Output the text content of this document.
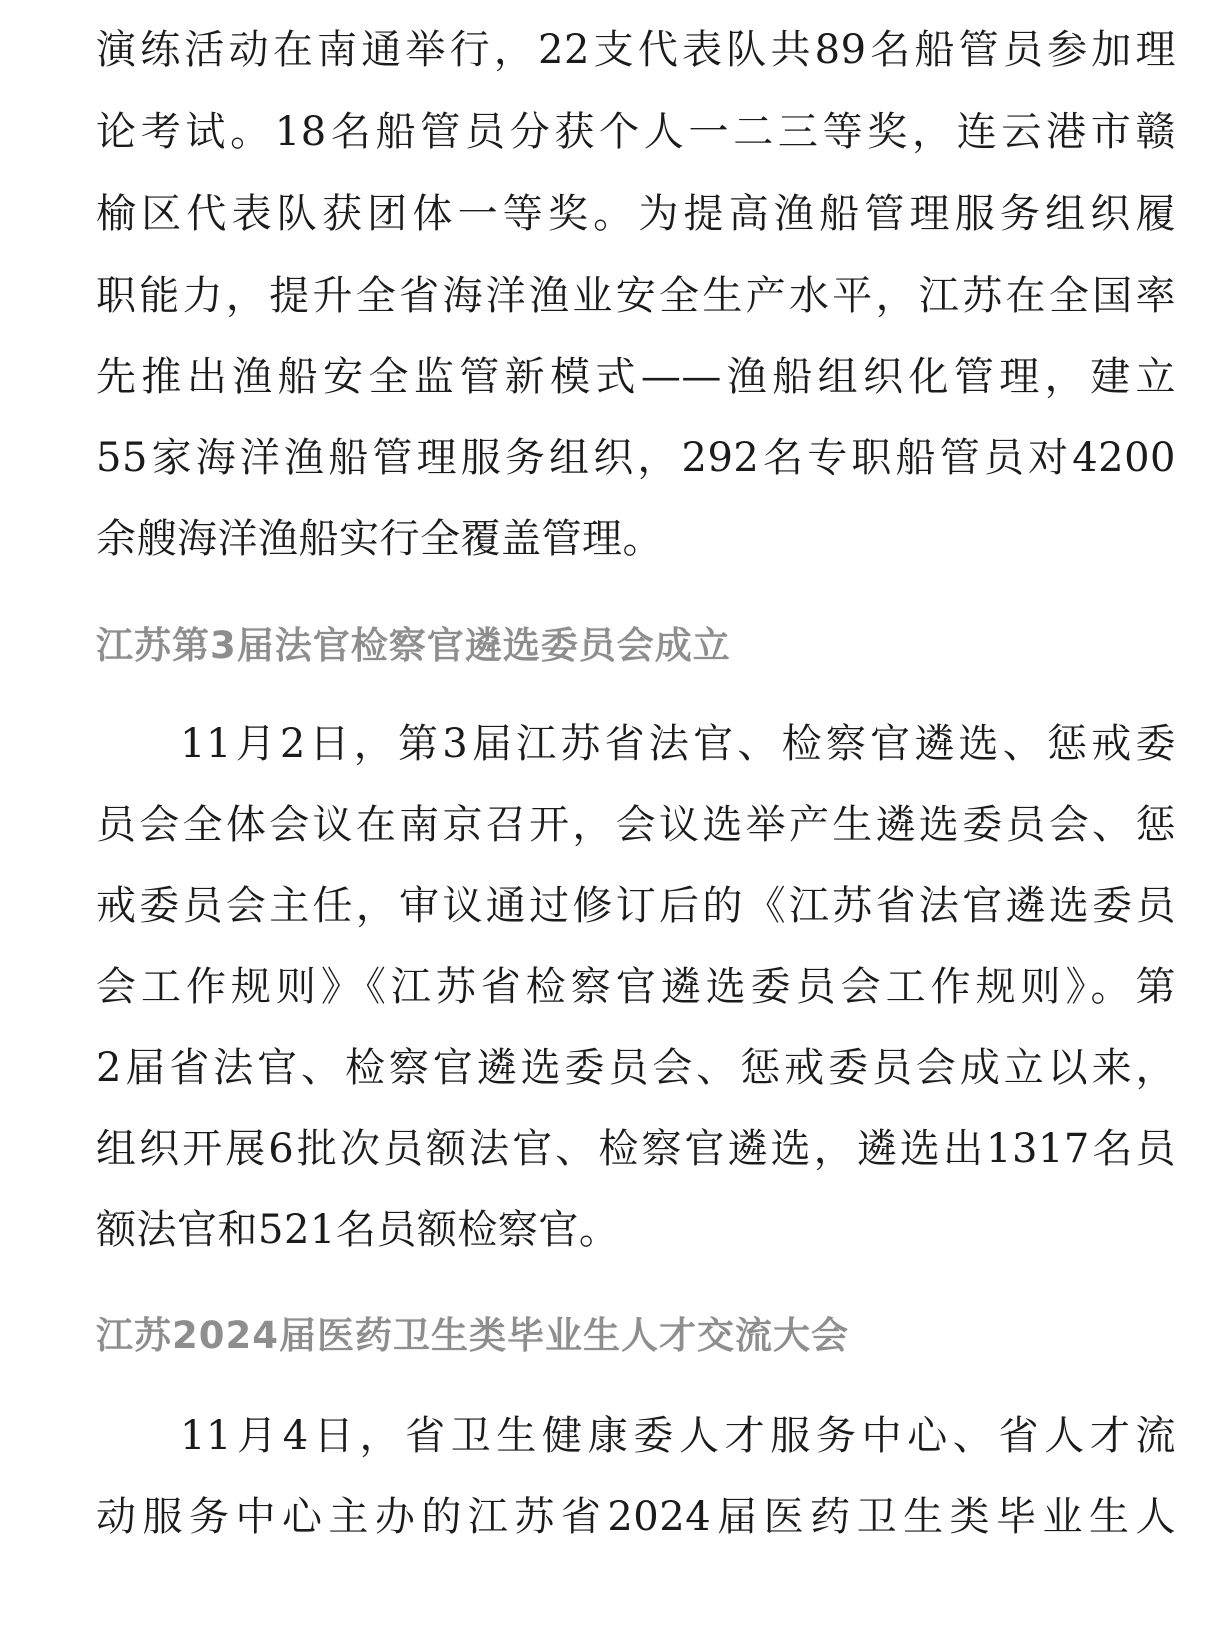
演练活动在南通举行，22支代表队共89名船管员参加理
论考试。18名船管员分获个人一二三等奖，连云港市赣
榆区代表队获团体一等奖。为提高渔船管理服务组织履
职能力，提升全省海洋渔业安全生产水平，江苏在全国率
先推出渔船安全监管新模式——渔船组织化管理，建立
55家海洋渔船管理服务组织，292名专职船管员对4200
余艘海洋渔船实行全覆盖管理。
江苏第3届法官检察官遴选委员会成立
11月2日，第3届江苏省法官、检察官遴选、惩戒委
员会全体会议在南京召开，会议选举产生遴选委员会、惩
戒委员会主任，审议通过修订后的《江苏省法官遴选委员
会工作规则》《江苏省检察官遴选委员会工作规则》。第
2届省法官、检察官遴选委员会、惩戒委员会成立以来，
组织开展6批次员额法官、检察官遴选，遴选出1317名员
额法官和521名员额检察官。
江苏2024届医药卫生类毕业生人才交流大会
11月4日，省卫生健康委人才服务中心、省人才流
动服务中心主办的江苏省2024届医药卫生类毕业生人
